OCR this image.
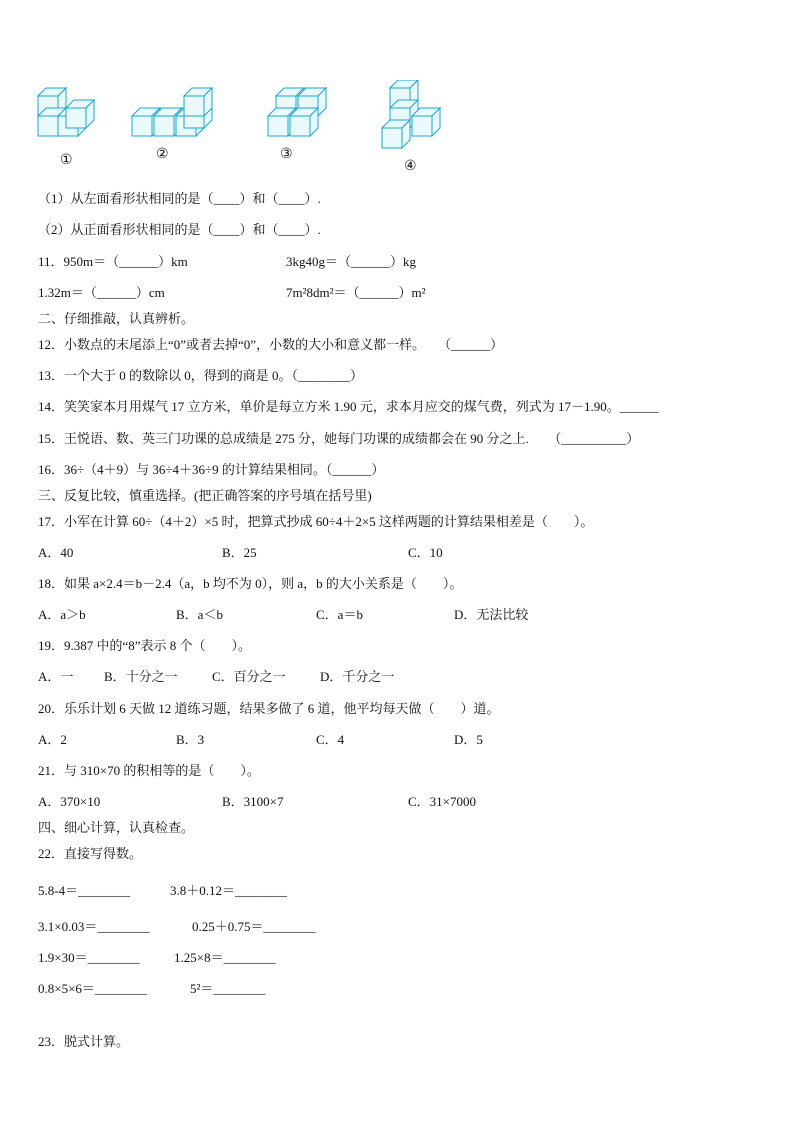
①	②	③
④
（1）从左面看形状相同的是（____）和（____）.
（2）从正面看形状相同的是（____）和（____）.
11．950m＝（______）km	3kg40g＝（______）kg
1.32m＝（______）cm	7m²8dm²＝（______）m²
二、仔细推敲，认真辨析。
12．小数点的末尾添上“0”或者去掉“0”，小数的大小和意义都一样。　　（______）
13．一个大于 0 的数除以 0，得到的商是 0。（________）
14．笑笑家本月用煤气 17 立方米，单价是每立方米 1.90 元，求本月应交的煤气费，列式为 17－1.90。______
15．王悦语、数、英三门功课的总成绩是 275 分，她每门功课的成绩都会在 90 分之上.　　（__________）
16．36÷（4＋9）与 36÷4＋36÷9 的计算结果相同。（______）
三、反复比较，慎重选择。(把正确答案的序号填在括号里)
17．小军在计算 60÷（4＋2）×5 时，把算式抄成 60÷4＋2×5 这样两题的计算结果相差是（　　）。
A．40	B．25	C．10
18．如果 a×2.4＝b－2.4（a，b 均不为 0），则 a，b 的大小关系是（　　）。
A．a＞b	B．a＜b	C．a＝b	D．无法比较
19．9.387 中的“8”表示 8 个（　　）。
A．一 B．十分之一	C．百分之一	D．千分之一
20．乐乐计划 6 天做 12 道练习题，结果多做了 6 道，他平均每天做（　　）道。
A．2	B．3	C．4	D．5
21．与 310×70 的积相等的是（　　）。
A．370×10	B．3100×7	C．31×7000
四、细心计算，认真检查。
22．直接写得数。
5.8-4＝________	3.8＋0.12＝________
3.1×0.03＝________	0.25＋0.75＝________
1.9×30＝________	1.25×8＝________
0.8×5×6＝________	5²＝________
23．脱式计算。
